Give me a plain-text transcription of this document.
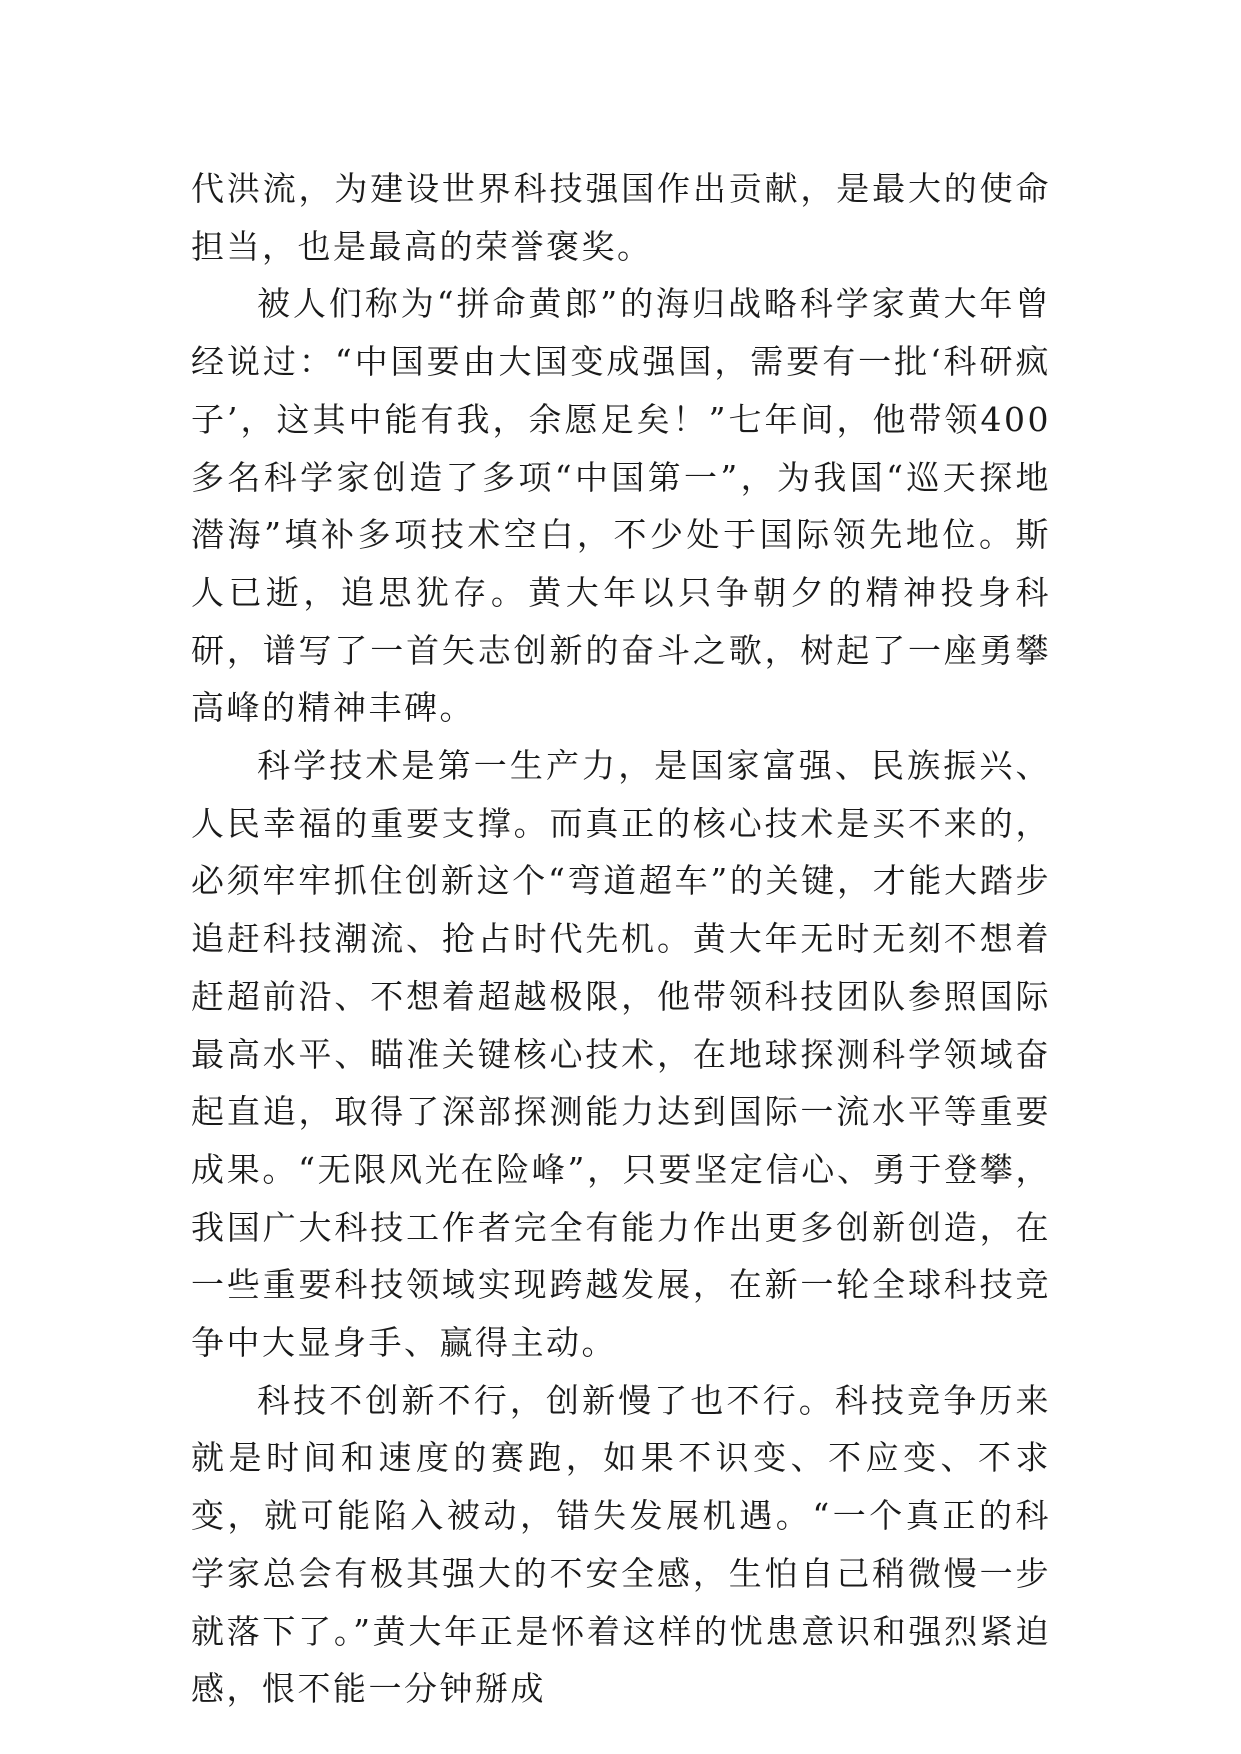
代洪流，为建设世界科技强国作出贡献，是最大的使命担当，也是最高的荣誉褒奖。

被人们称为“拼命黄郎”的海归战略科学家黄大年曾经说过：“中国要由大国变成强国，需要有一批‘科研疯子’，这其中能有我，余愿足矣！”七年间，他带领400多名科学家创造了多项“中国第一”，为我国“巡天探地潜海”填补多项技术空白，不少处于国际领先地位。斯人已逝，追思犹存。黄大年以只争朝夕的精神投身科研，谱写了一首矢志创新的奋斗之歌，树起了一座勇攀高峰的精神丰碑。

科学技术是第一生产力，是国家富强、民族振兴、人民幸福的重要支撑。而真正的核心技术是买不来的，必须牢牢抓住创新这个“弯道超车”的关键，才能大踏步追赶科技潮流、抢占时代先机。黄大年无时无刻不想着赶超前沿、不想着超越极限，他带领科技团队参照国际最高水平、瞄准关键核心技术，在地球探测科学领域奋起直追，取得了深部探测能力达到国际一流水平等重要成果。“无限风光在险峰”，只要坚定信心、勇于登攀，我国广大科技工作者完全有能力作出更多创新创造，在一些重要科技领域实现跨越发展，在新一轮全球科技竞争中大显身手、赢得主动。

科技不创新不行，创新慢了也不行。科技竞争历来就是时间和速度的赛跑，如果不识变、不应变、不求变，就可能陷入被动，错失发展机遇。“一个真正的科学家总会有极其强大的不安全感，生怕自己稍微慢一步就落下了。”黄大年正是怀着这样的忧患意识和强烈紧迫感，恨不能一分钟掰成
